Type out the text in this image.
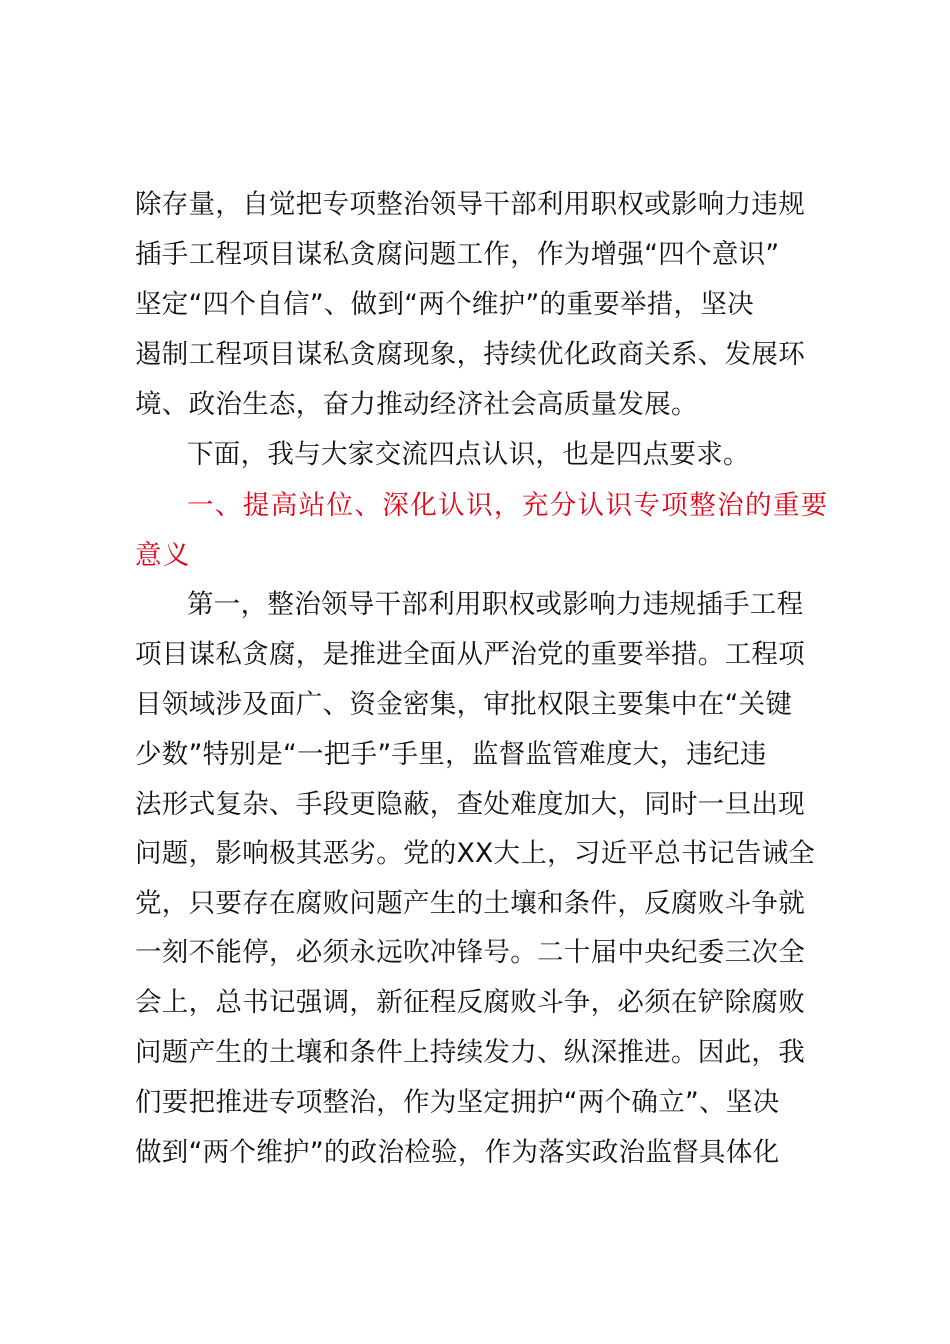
除存量，自觉把专项整治领导干部利用职权或影响力违规
插手工程项目谋私贪腐问题工作，作为增强“四个意识”
坚定“四个自信”、做到“两个维护”的重要举措，坚决
遏制工程项目谋私贪腐现象，持续优化政商关系、发展环
境、政治生态，奋力推动经济社会高质量发展。
下面，我与大家交流四点认识，也是四点要求。
一、提高站位、深化认识，充分认识专项整治的重要
意义
第一，整治领导干部利用职权或影响力违规插手工程
项目谋私贪腐，是推进全面从严治党的重要举措。工程项
目领域涉及面广、资金密集，审批权限主要集中在“关键
少数”特别是“一把手”手里，监督监管难度大，违纪违
法形式复杂、手段更隐蔽，查处难度加大，同时一旦出现
问题，影响极其恶劣。党的XX大上，习近平总书记告诫全
党，只要存在腐败问题产生的土壤和条件，反腐败斗争就
一刻不能停，必须永远吹冲锋号。二十届中央纪委三次全
会上，总书记强调，新征程反腐败斗争，必须在铲除腐败
问题产生的土壤和条件上持续发力、纵深推进。因此，我
们要把推进专项整治，作为坚定拥护“两个确立”、坚决
做到“两个维护”的政治检验，作为落实政治监督具体化
